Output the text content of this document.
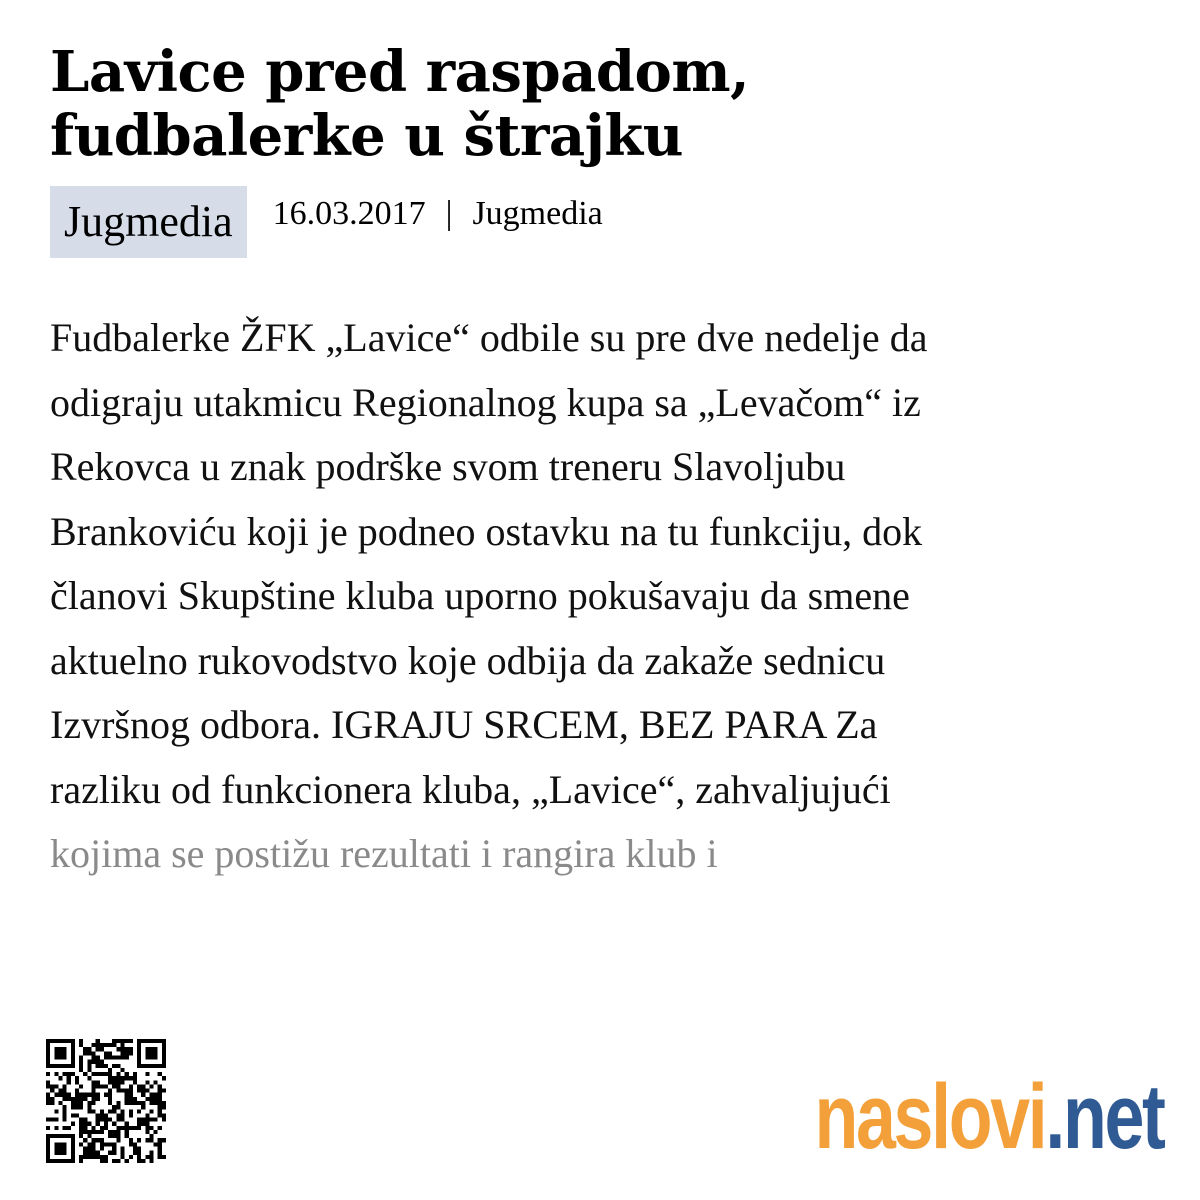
Lavice pred raspadom,
fudbalerke u štrajku
Jugmedia	16.03.2017 | Jugmedia

Fudbalerke ŽFK „Lavice“ odbile su pre dve nedelje da
odigraju utakmicu Regionalnog kupa sa „Levačom“ iz
Rekovca u znak podrške svom treneru Slavoljubu
Brankoviću koji je podneo ostavku na tu funkciju, dok
članovi Skupštine kluba uporno pokušavaju da smene
aktuelno rukovodstvo koje odbija da zakaže sednicu
Izvršnog odbora. IGRAJU SRCEM, BEZ PARA Za
razliku od funkcionera kluba, „Lavice“, zahvaljujući
kojima se postižu rezultati i rangira klub i

naslovi.net
